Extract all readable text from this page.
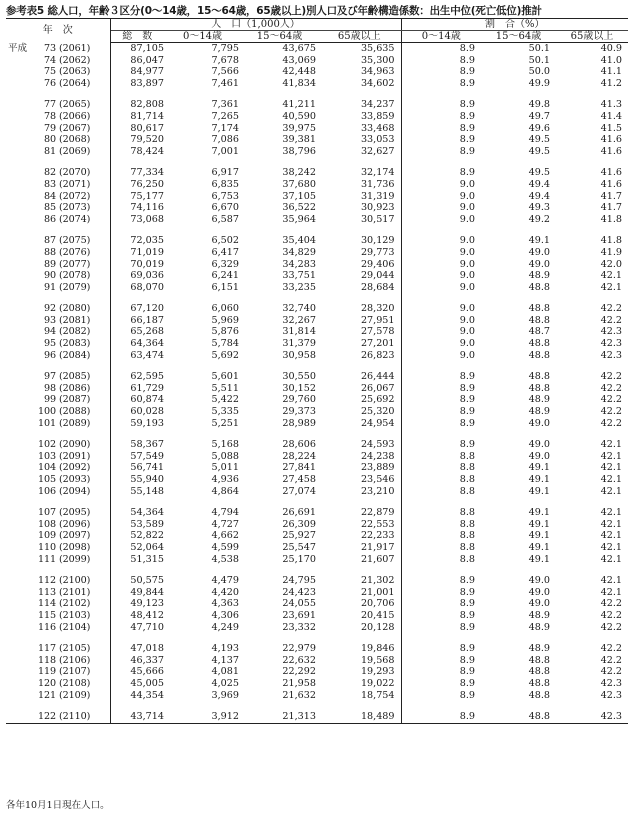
参考表5 総人口，年齢３区分(0～14歳，15～64歳，65歳以上)別人口及び年齢構造係数：出生中位(死亡低位)推計
年　次	人　口（1,000人）				割　合（%）		
	総　数	0～14歳	15～64歳	65歳以上	0～14歳	15～64歳	65歳以上
平成 73 (2061)	87,105	7,795	43,675	35,635	8.9	50.1	40.9
74 (2062)	86,047	7,678	43,069	35,300	8.9	50.1	41.0
75 (2063)	84,977	7,566	42,448	34,963	8.9	50.0	41.1
76 (2064)	83,897	7,461	41,834	34,602	8.9	49.9	41.2

77 (2065)	82,808	7,361	41,211	34,237	8.9	49.8	41.3
78 (2066)	81,714	7,265	40,590	33,859	8.9	49.7	41.4
79 (2067)	80,617	7,174	39,975	33,468	8.9	49.6	41.5
80 (2068)	79,520	7,086	39,381	33,053	8.9	49.5	41.6
81 (2069)	78,424	7,001	38,796	32,627	8.9	49.5	41.6

82 (2070)	77,334	6,917	38,242	32,174	8.9	49.5	41.6
83 (2071)	76,250	6,835	37,680	31,736	9.0	49.4	41.6
84 (2072)	75,177	6,753	37,105	31,319	9.0	49.4	41.7
85 (2073)	74,116	6,670	36,522	30,923	9.0	49.3	41.7
86 (2074)	73,068	6,587	35,964	30,517	9.0	49.2	41.8

87 (2075)	72,035	6,502	35,404	30,129	9.0	49.1	41.8
88 (2076)	71,019	6,417	34,829	29,773	9.0	49.0	41.9
89 (2077)	70,019	6,329	34,283	29,406	9.0	49.0	42.0
90 (2078)	69,036	6,241	33,751	29,044	9.0	48.9	42.1
91 (2079)	68,070	6,151	33,235	28,684	9.0	48.8	42.1

92 (2080)	67,120	6,060	32,740	28,320	9.0	48.8	42.2
93 (2081)	66,187	5,969	32,267	27,951	9.0	48.8	42.2
94 (2082)	65,268	5,876	31,814	27,578	9.0	48.7	42.3
95 (2083)	64,364	5,784	31,379	27,201	9.0	48.8	42.3
96 (2084)	63,474	5,692	30,958	26,823	9.0	48.8	42.3

97 (2085)	62,595	5,601	30,550	26,444	8.9	48.8	42.2
98 (2086)	61,729	5,511	30,152	26,067	8.9	48.8	42.2
99 (2087)	60,874	5,422	29,760	25,692	8.9	48.9	42.2
100 (2088)	60,028	5,335	29,373	25,320	8.9	48.9	42.2
101 (2089)	59,193	5,251	28,989	24,954	8.9	49.0	42.2

102 (2090)	58,367	5,168	28,606	24,593	8.9	49.0	42.1
103 (2091)	57,549	5,088	28,224	24,238	8.8	49.0	42.1
104 (2092)	56,741	5,011	27,841	23,889	8.8	49.1	42.1
105 (2093)	55,940	4,936	27,458	23,546	8.8	49.1	42.1
106 (2094)	55,148	4,864	27,074	23,210	8.8	49.1	42.1

107 (2095)	54,364	4,794	26,691	22,879	8.8	49.1	42.1
108 (2096)	53,589	4,727	26,309	22,553	8.8	49.1	42.1
109 (2097)	52,822	4,662	25,927	22,233	8.8	49.1	42.1
110 (2098)	52,064	4,599	25,547	21,917	8.8	49.1	42.1
111 (2099)	51,315	4,538	25,170	21,607	8.8	49.1	42.1

112 (2100)	50,575	4,479	24,795	21,302	8.9	49.0	42.1
113 (2101)	49,844	4,420	24,423	21,001	8.9	49.0	42.1
114 (2102)	49,123	4,363	24,055	20,706	8.9	49.0	42.2
115 (2103)	48,412	4,306	23,691	20,415	8.9	48.9	42.2
116 (2104)	47,710	4,249	23,332	20,128	8.9	48.9	42.2

117 (2105)	47,018	4,193	22,979	19,846	8.9	48.9	42.2
118 (2106)	46,337	4,137	22,632	19,568	8.9	48.8	42.2
119 (2107)	45,666	4,081	22,292	19,293	8.9	48.8	42.2
120 (2108)	45,005	4,025	21,958	19,022	8.9	48.8	42.3
121 (2109)	44,354	3,969	21,632	18,754	8.9	48.8	42.3

122 (2110)	43,714	3,912	21,313	18,489	8.9	48.8	42.3
各年10月1日現在人口。
